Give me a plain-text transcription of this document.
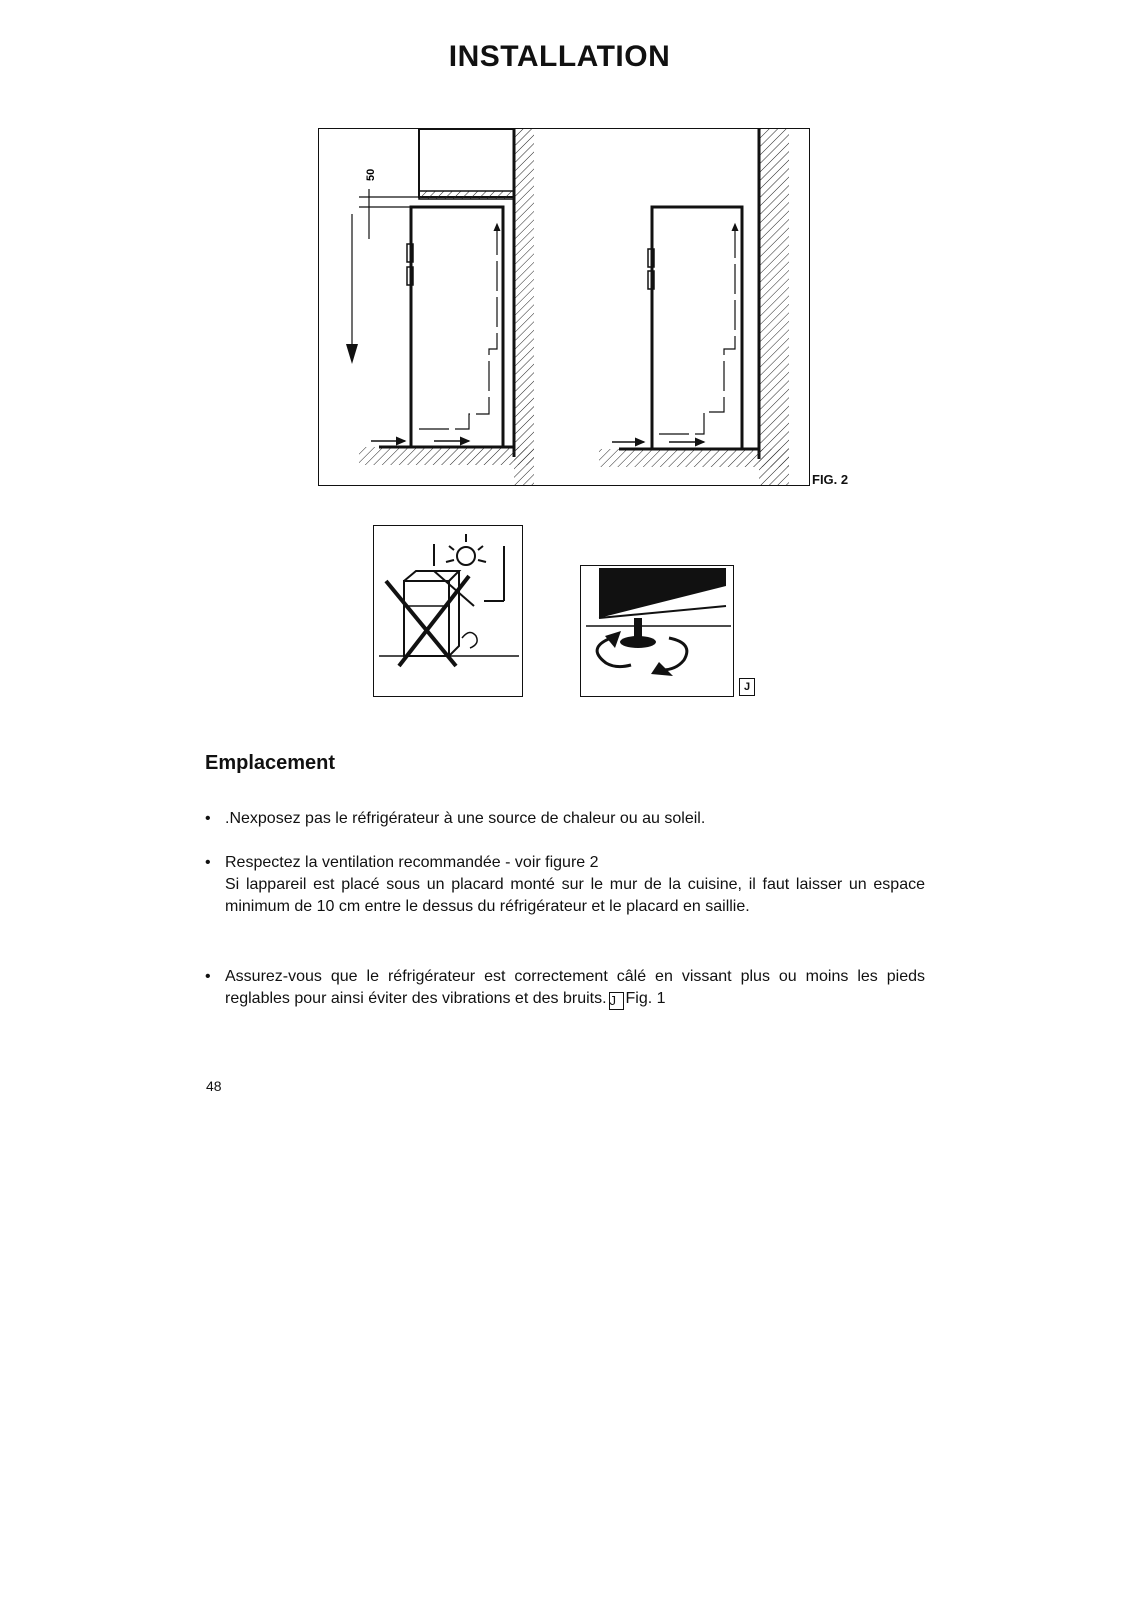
INSTALLATION
50
FIG. 2
J
Emplacement
• .Nexposez pas le réfrigérateur à une source de chaleur ou au soleil.
• Respectez la ventilation recommandée - voir figure 2
Si lappareil est placé sous un placard monté sur le mur de la cuisine, il faut laisser un espace minimum de 10 cm entre le dessus du réfrigérateur et le placard en saillie.
• Assurez-vous que le réfrigérateur est correctement câlé en vissant plus ou moins les pieds reglables pour ainsi éviter des vibrations et des bruits. J Fig. 1
48
